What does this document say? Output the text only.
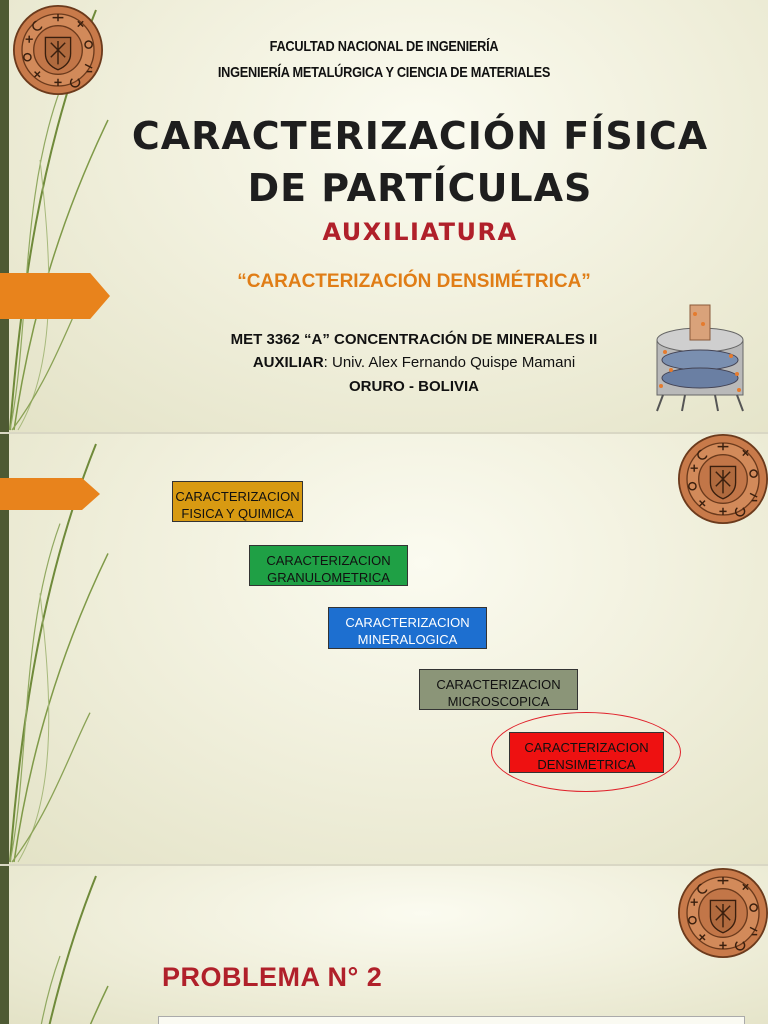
FACULTAD NACIONAL DE INGENIERÍA
INGENIERÍA METALÚRGICA Y CIENCIA DE MATERIALES
CARACTERIZACIÓN FÍSICA
DE PARTÍCULAS
AUXILIATURA
“CARACTERIZACIÓN DENSIMÉTRICA”
MET 3362 “A” CONCENTRACIÓN DE MINERALES II
AUXILIAR: Univ. Alex Fernando Quispe Mamani
ORURO - BOLIVIA
CARACTERIZACION
FISICA Y QUIMICA
CARACTERIZACION
GRANULOMETRICA
CARACTERIZACION
MINERALOGICA
CARACTERIZACION
MICROSCOPICA
CARACTERIZACION
DENSIMETRICA
PROBLEMA N° 2
